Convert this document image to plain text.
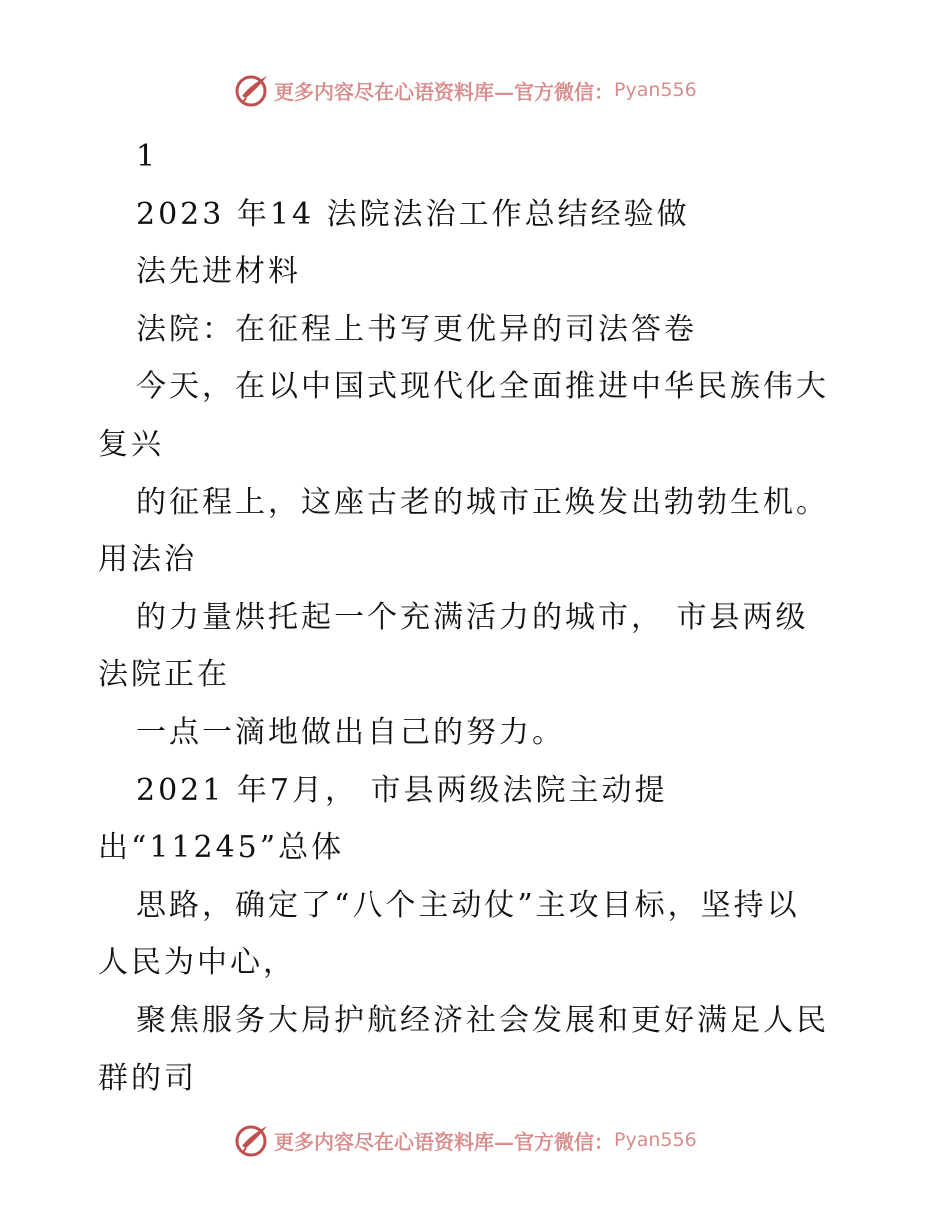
更多内容尽在心语资料库—官方微信： Pyan556
1
2023 年14 法院法治工作总结经验做
法先进材料
法院：在征程上书写更优异的司法答卷
今天，在以中国式现代化全面推进中华民族伟大
复兴
的征程上，这座古老的城市正焕发出勃勃生机。
用法治
的力量烘托起一个充满活力的城市， 市县两级
法院正在
一点一滴地做出自己的努力。
2021 年7月， 市县两级法院主动提
出“11245”总体
思路，确定了“八个主动仗”主攻目标，坚持以
人民为中心，
聚焦服务大局护航经济社会发展和更好满足人民
群的司
更多内容尽在心语资料库—官方微信： Pyan556
